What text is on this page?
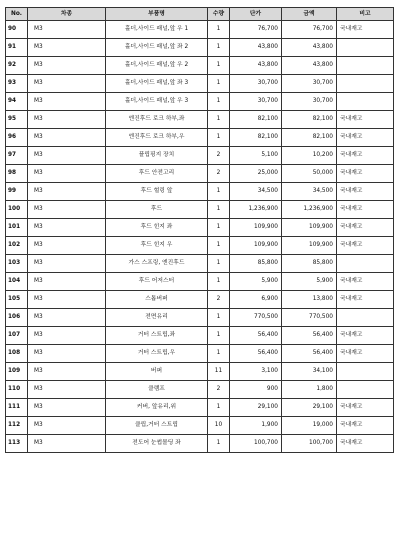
No.	차종	부품명	수량	단가	금액	비고
90	M3	홀더,사이드 패널,앞 우 1	1	76,700	76,700	국내재고
91	M3	홀더,사이드 패널,앞 좌 2	1	43,800	43,800	
92	M3	홀더,사이드 패널,앞 우 2	1	43,800	43,800	
93	M3	홀더,사이드 패널,앞 좌 3	1	30,700	30,700	
94	M3	홀더,사이드 패널,앞 우 3	1	30,700	30,700	
95	M3	엔진후드 로크 하부,좌	1	82,100	82,100	국내재고
96	M3	엔진후드 로크 하부,우	1	82,100	82,100	국내재고
97	M3	플립핑지 장치	2	5,100	10,200	국내재고
98	M3	후드 안전고리	2	25,000	50,000	국내재고
99	M3	후드 헐링 앞	1	34,500	34,500	국내재고
100	M3	후드	1	1,236,900	1,236,900	국내재고
101	M3	후드 힌지 좌	1	109,900	109,900	국내재고
102	M3	후드 힌지 우	1	109,900	109,900	국내재고
103	M3	가스 스프링, 엔진후드	1	85,800	85,800	
104	M3	후드 어저스터	1	5,900	5,900	국내재고
105	M3	스톱버퍼	2	6,900	13,800	국내재고
106	M3	전면유리	1	770,500	770,500	
107	M3	거터 스트립,좌	1	56,400	56,400	국내재고
108	M3	거터 스트립,우	1	56,400	56,400	국내재고
109	M3	버퍼	11	3,100	34,100	
110	M3	클램프	2	900	1,800	
111	M3	커버, 앞유리,위	1	29,100	29,100	국내재고
112	M3	클립,거터 스트립	10	1,900	19,000	국내재고
113	M3	전도어 눈썹몰딩 좌	1	100,700	100,700	국내재고
